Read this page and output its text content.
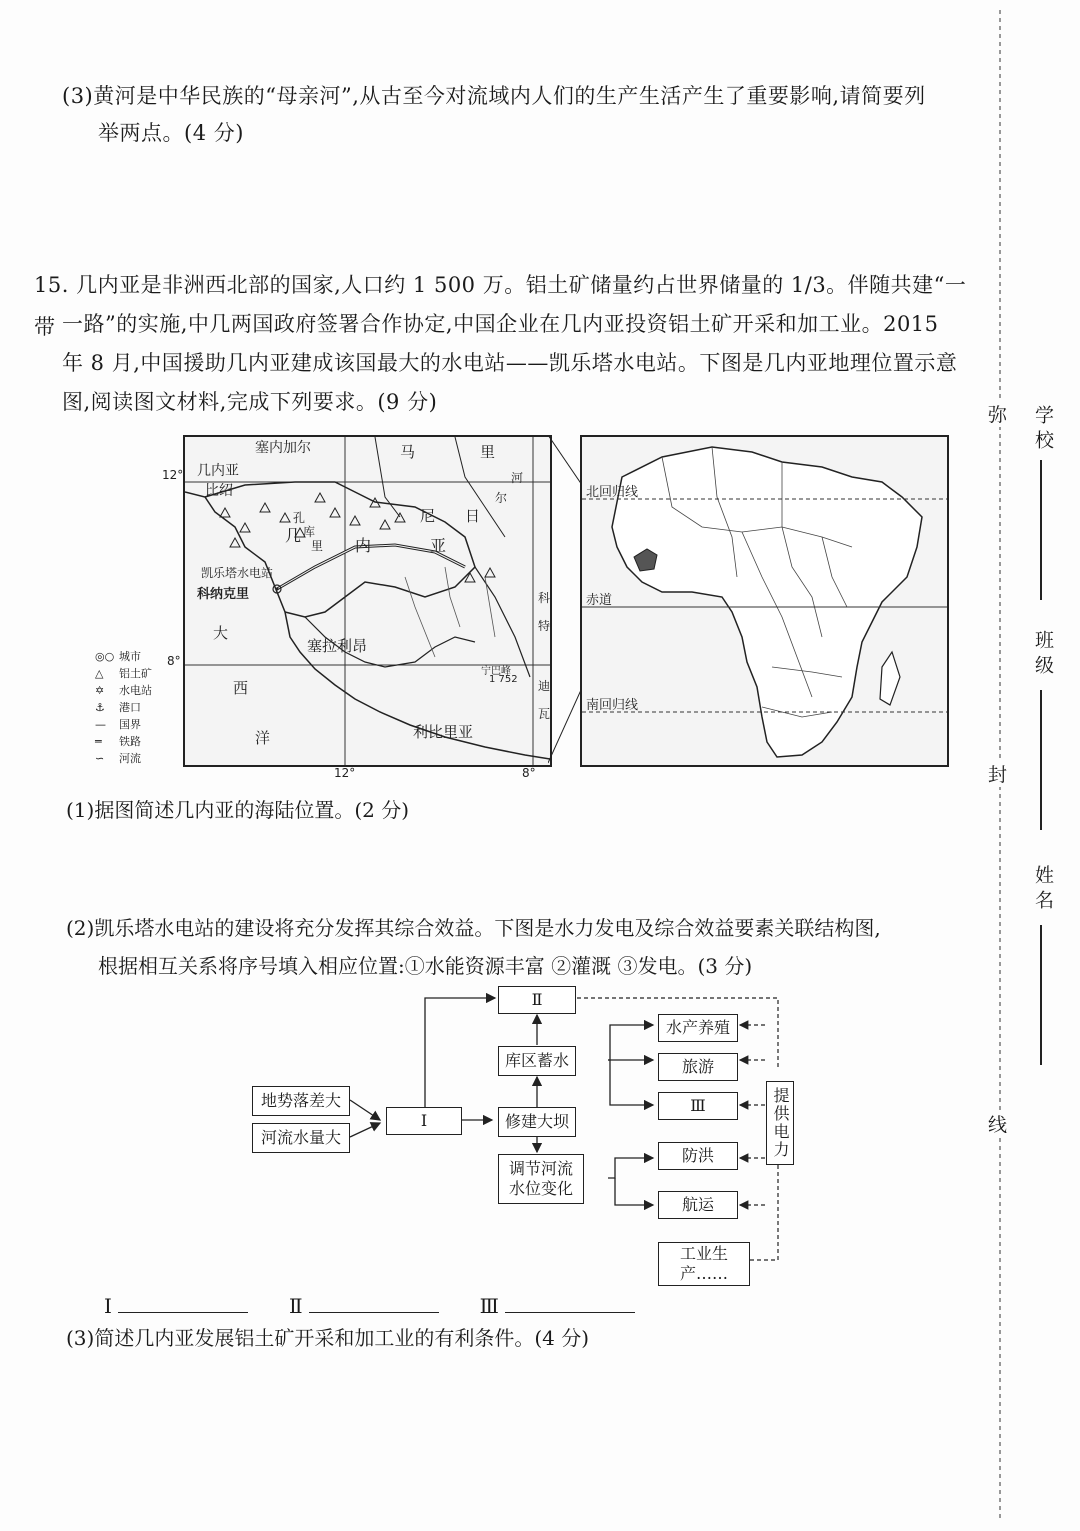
(3)黄河是中华民族的“母亲河”,从古至今对流域内人们的生产生活产生了重要影响,请简要列
举两点。(4 分)
15. 几内亚是非洲西北部的国家,人口约 1 500 万。铝土矿储量约占世界储量的 1/3。伴随共建“一带 一路”的实施,中几两国政府签署合作协定,中国企业在几内亚投资铝土矿开采和加工业。2015
年 8 月,中国援助几内亚建成该国最大的水电站——凯乐塔水电站。下图是几内亚地理位置示意
图,阅读图文材料,完成下列要求。(9 分)
塞内加尔	马	里
几内亚
比绍
几
内	亚
孔
库
里
尼 日
河
尔
大
西
洋
塞拉利昂
利比里亚
科
特
迪
瓦
凯乐塔水电站
科纳克里
宁巴峰
1 752
12°
8°
12°	8°
◎○ 城市
△ 铝土矿
✡ 水电站
⚓ 港口
— 国界
═ 铁路
∽ 河流
北回归线
赤道
南回归线
(1)据图简述几内亚的海陆位置。(2 分)
(2)凯乐塔水电站的建设将充分发挥其综合效益。下图是水力发电及综合效益要素关联结构图,
根据相互关系将序号填入相应位置:①水能资源丰富 ②灌溉 ③发电。(3 分)
地势落差大
河流水量大
Ⅰ
Ⅱ
库区蓄水
修建大坝
调节河流水位变化
水产养殖
旅游
Ⅲ
防洪
航运
工业生产……
提供电力
Ⅰ	Ⅱ	Ⅲ
(3)简述几内亚发展铝土矿开采和加工业的有利条件。(4 分)
弥
封
线
学校
班级
姓名
